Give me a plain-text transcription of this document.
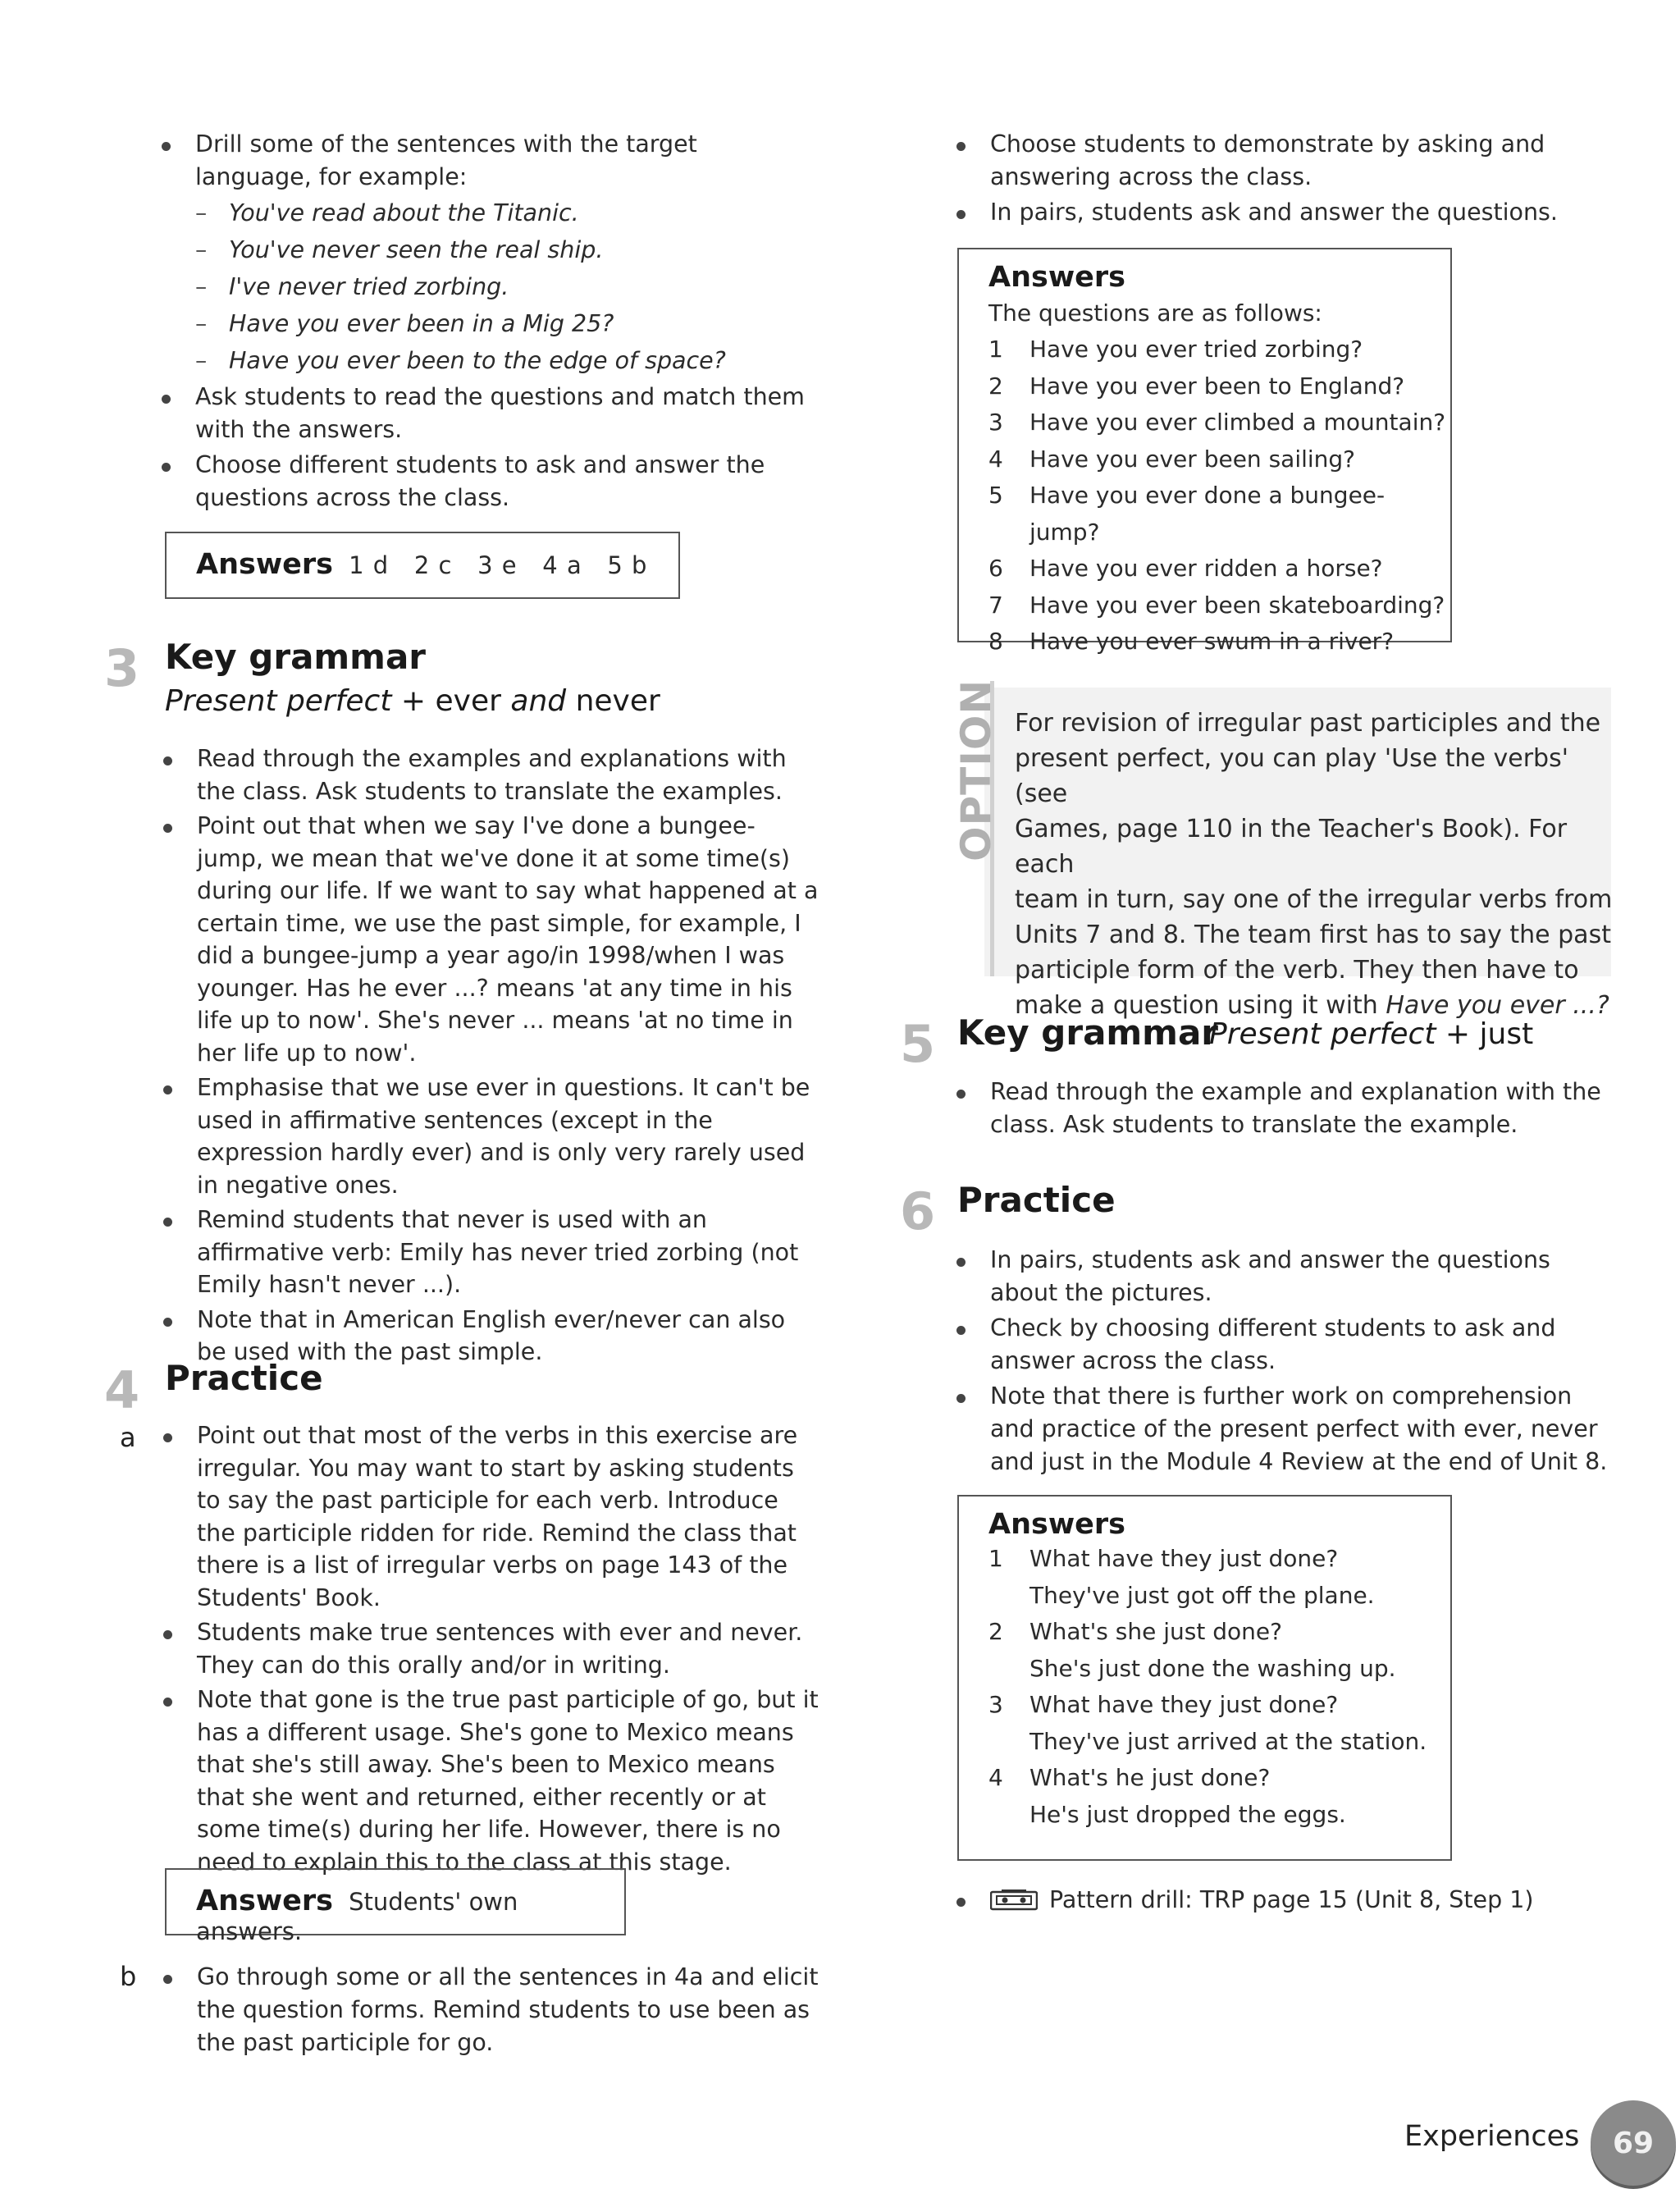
Drill some of the sentences with the target language, for example:
– You've read about the Titanic.
– You've never seen the real ship.
– I've never tried zorbing.
– Have you ever been in a Mig 25?
– Have you ever been to the edge of space?
Ask students to read the questions and match them with the answers.
Choose different students to ask and answer the questions across the class.
Answers 1 d   2 c   3 e   4 a   5 b
3 Key grammar
Present perfect + ever and never
Read through the examples and explanations with the class. Ask students to translate the examples.
Point out that when we say I've done a bungee-jump, we mean that we've done it at some time(s) during our life. If we want to say what happened at a certain time, we use the past simple, for example, I did a bungee-jump a year ago/in 1998/when I was younger. Has he ever ...? means 'at any time in his life up to now'. She's never ... means 'at no time in her life up to now'.
Emphasise that we use ever in questions. It can't be used in affirmative sentences (except in the expression hardly ever) and is only very rarely used in negative ones.
Remind students that never is used with an affirmative verb: Emily has never tried zorbing (not Emily hasn't never ...).
Note that in American English ever/never can also be used with the past simple.
4 Practice
a	Point out that most of the verbs in this exercise are irregular. You may want to start by asking students to say the past participle for each verb. Introduce the participle ridden for ride. Remind the class that there is a list of irregular verbs on page 143 of the Students' Book.
Students make true sentences with ever and never. They can do this orally and/or in writing.
Note that gone is the true past participle of go, but it has a different usage. She's gone to Mexico means that she's still away. She's been to Mexico means that she went and returned, either recently or at some time(s) during her life. However, there is no need to explain this to the class at this stage.
Answers Students' own answers.
b	Go through some or all the sentences in 4a and elicit the question forms. Remind students to use been as the past participle for go.
Choose students to demonstrate by asking and answering across the class.
In pairs, students ask and answer the questions.
Answers
The questions are as follows:
1	Have you ever tried zorbing?
2	Have you ever been to England?
3	Have you ever climbed a mountain?
4	Have you ever been sailing?
5	Have you ever done a bungee-jump?
6	Have you ever ridden a horse?
7	Have you ever been skateboarding?
8	Have you ever swum in a river?
OPTION For revision of irregular past participles and the
present perfect, you can play 'Use the verbs' (see
Games, page 110 in the Teacher's Book). For each
team in turn, say one of the irregular verbs from
Units 7 and 8. The team first has to say the past
participle form of the verb. They then have to
make a question using it with Have you ever ...?
5 Key grammar
Present perfect + just
Read through the example and explanation with the class. Ask students to translate the example.
6 Practice
In pairs, students ask and answer the questions about the pictures.
Check by choosing different students to ask and answer across the class.
Note that there is further work on comprehension and practice of the present perfect with ever, never and just in the Module 4 Review at the end of Unit 8.
Answers
1	What have they just done?
They've just got off the plane.
2	What's she just done?
She's just done the washing up.
3	What have they just done?
They've just arrived at the station.
4	What's he just done?
He's just dropped the eggs.
Pattern drill: TRP page 15 (Unit 8, Step 1)
Experiences 69
